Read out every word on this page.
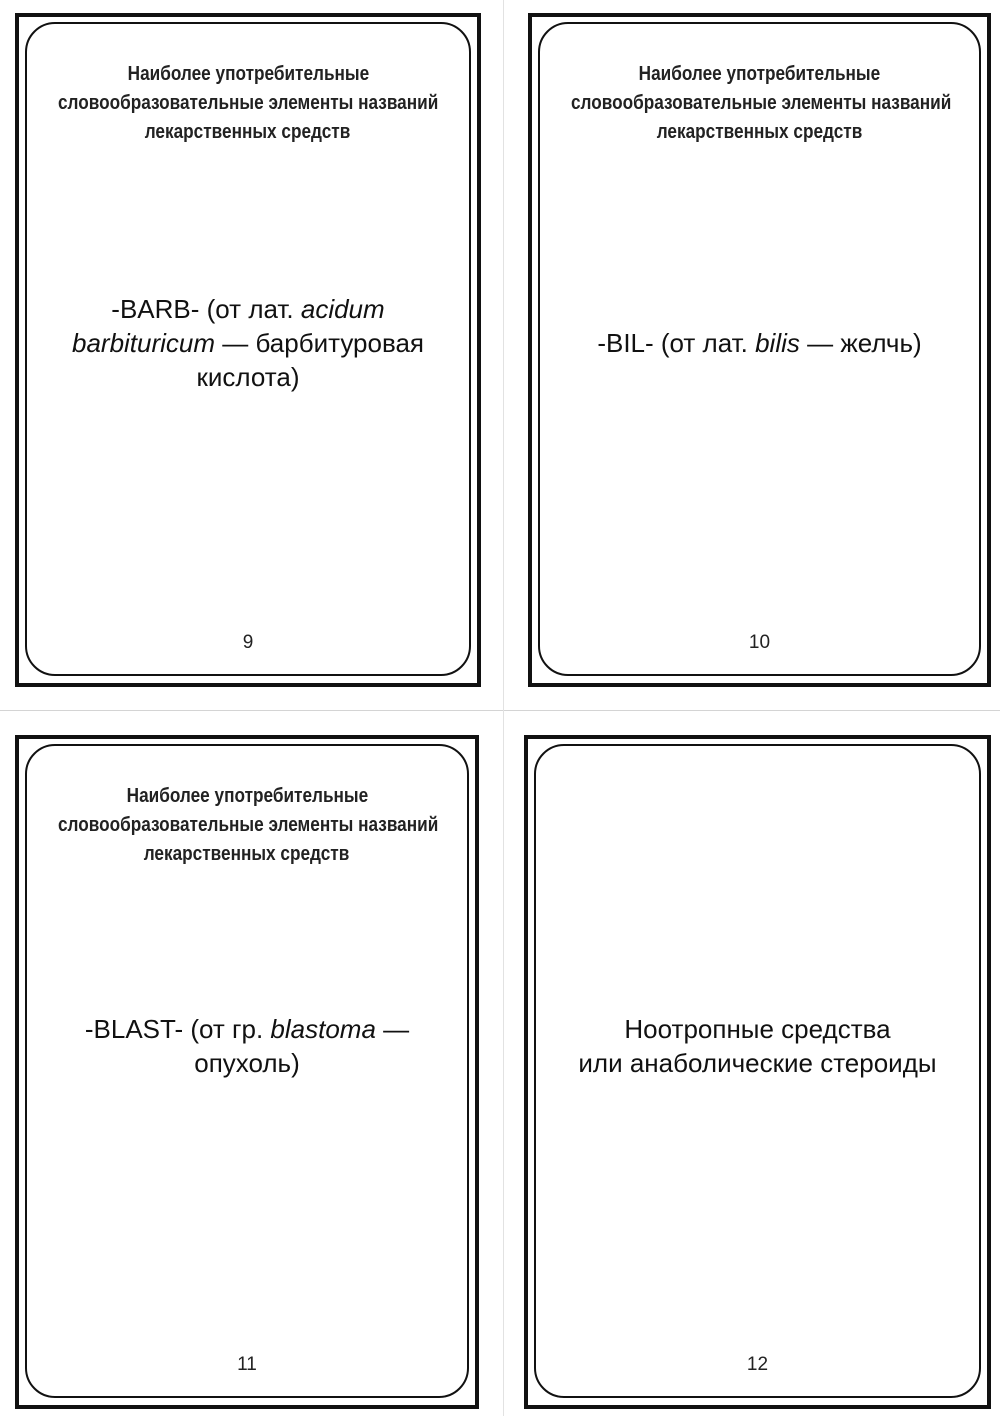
Наиболее употребительные
словообразовательные элементы названий
лекарственных средств
-BARB- (от лат. acidum
barbituricum — барбитуровая
кислота)
9
Наиболее употребительные
словообразовательные элементы названий
лекарственных средств
-BIL- (от лат. bilis — желчь)
10
Наиболее употребительные
словообразовательные элементы названий
лекарственных средств
-BLAST- (от гр. blastoma —
опухоль)
11
Ноотропные средства
или анаболические стероиды
12
